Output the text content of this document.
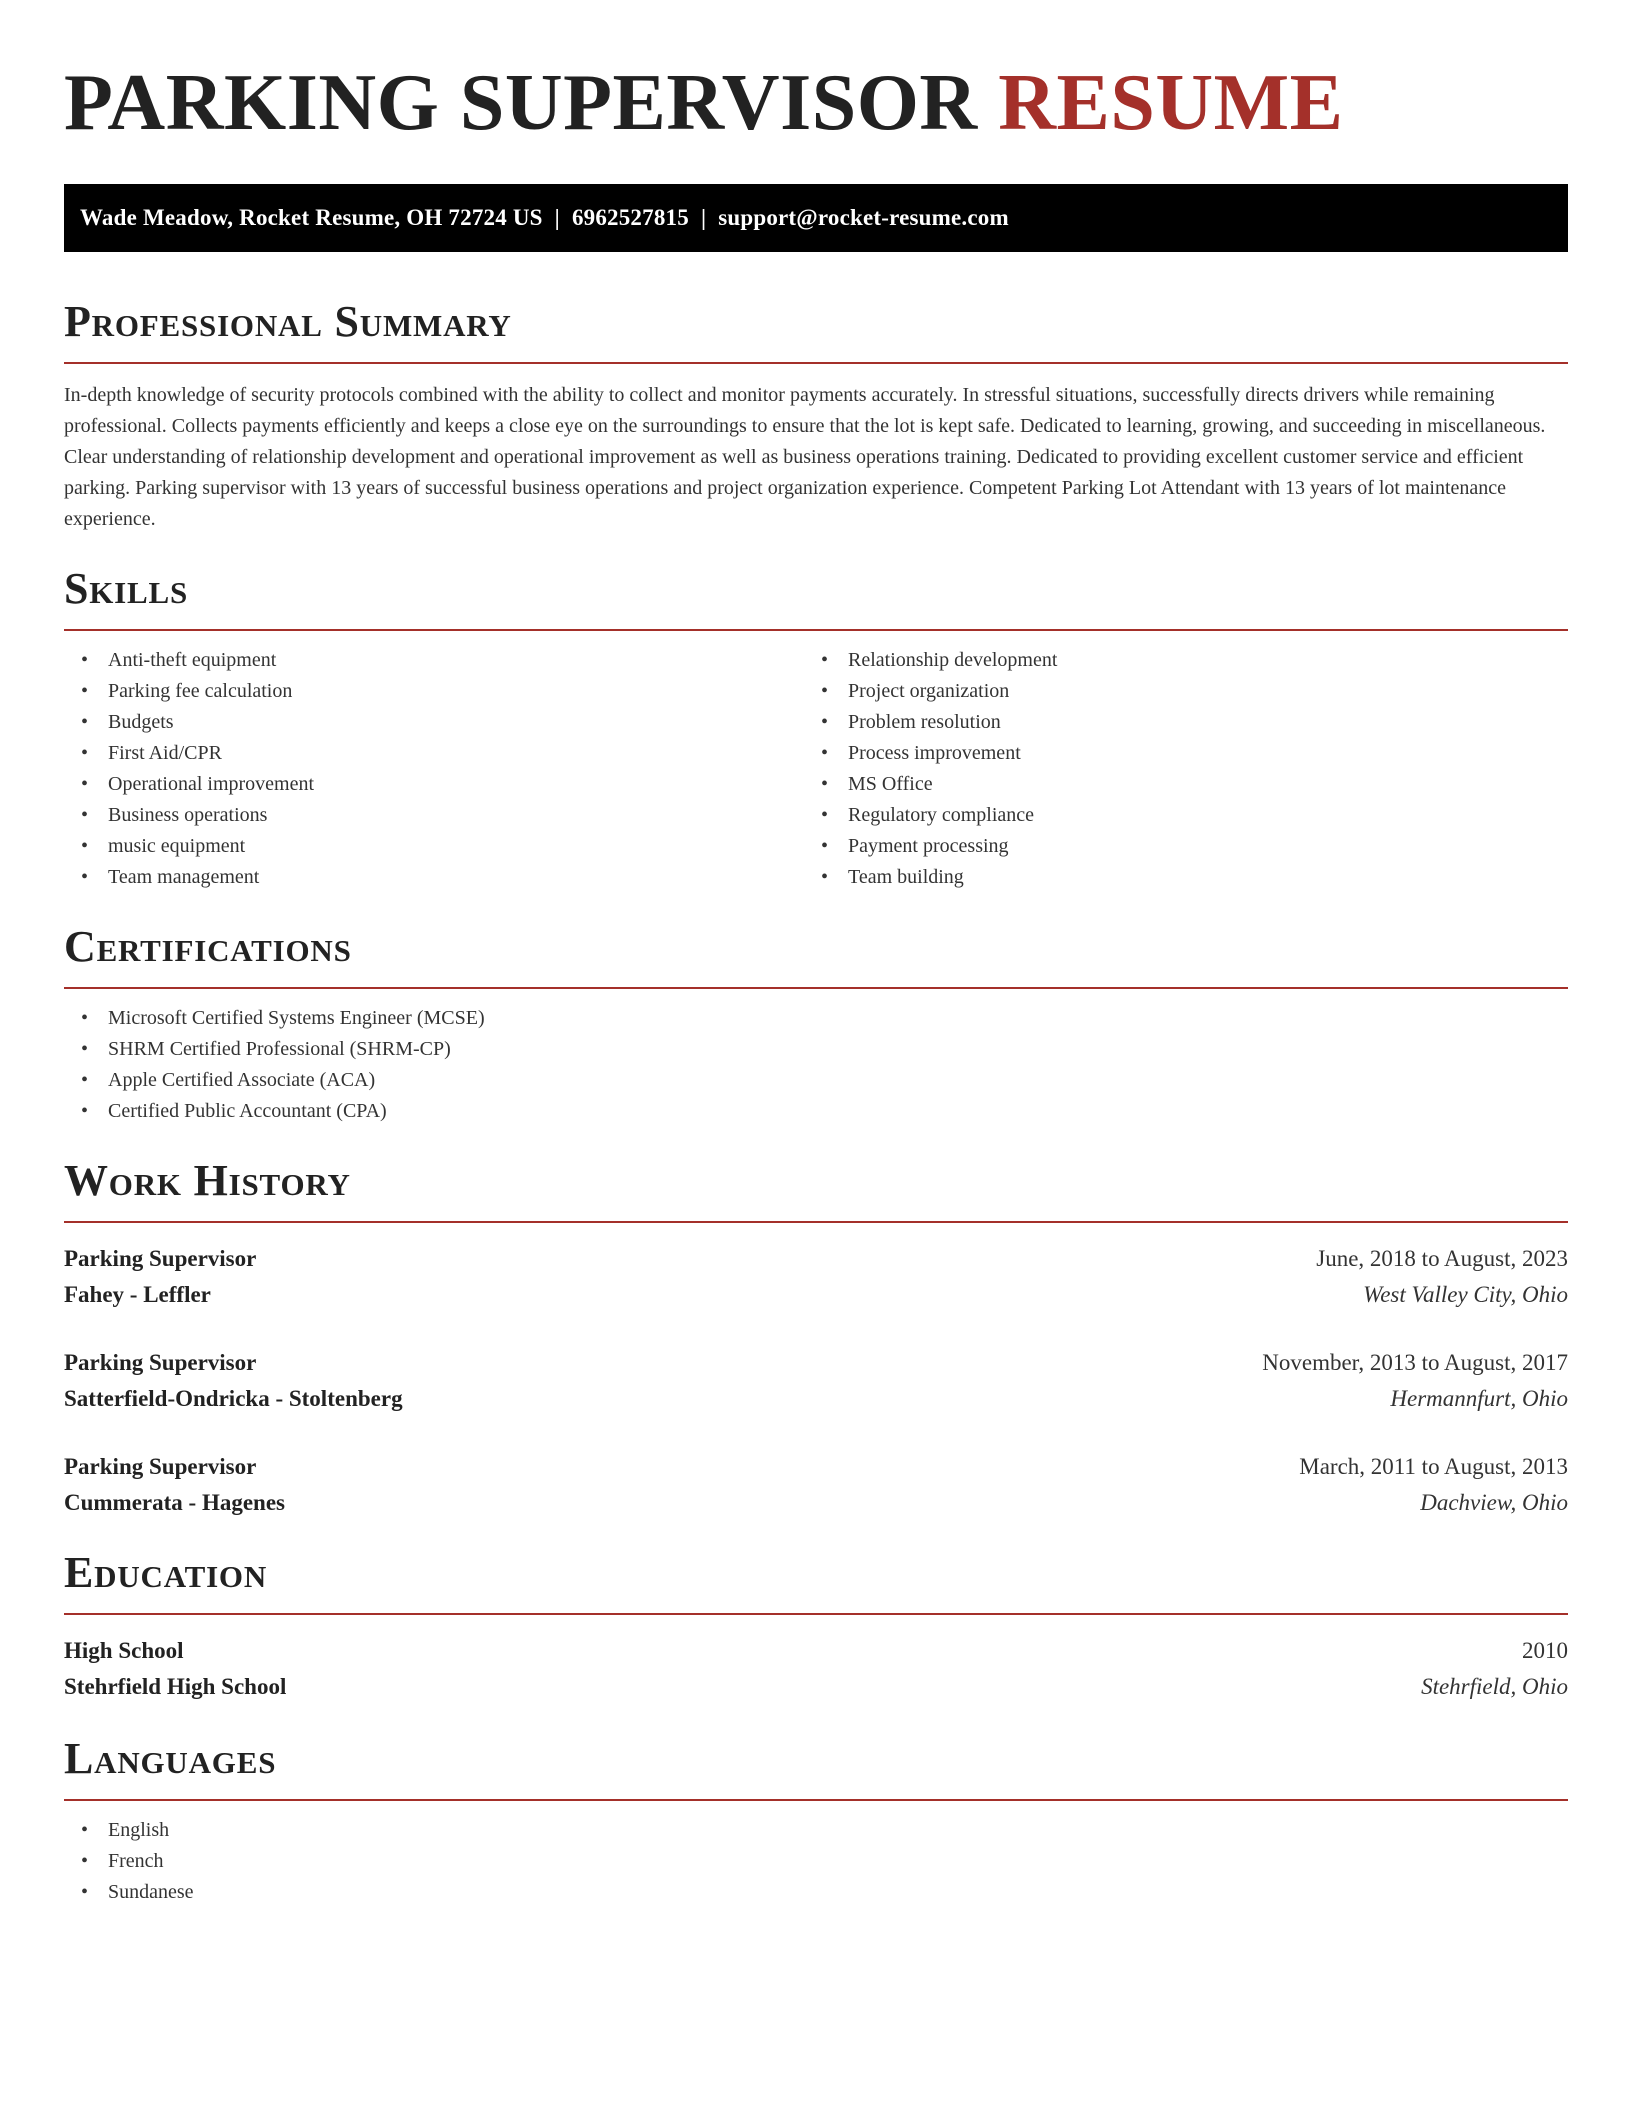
PARKING SUPERVISOR RESUME
Wade Meadow, Rocket Resume, OH 72724 US | 6962527815 | support@rocket-resume.com
Professional Summary

In-depth knowledge of security protocols combined with the ability to collect and monitor payments accurately. In stressful situations, successfully directs drivers while remaining professional. Collects payments efficiently and keeps a close eye on the surroundings to ensure that the lot is kept safe. Dedicated to learning, growing, and succeeding in miscellaneous. Clear understanding of relationship development and operational improvement as well as business operations training. Dedicated to providing excellent customer service and efficient parking. Parking supervisor with 13 years of successful business operations and project organization experience. Competent Parking Lot Attendant with 13 years of lot maintenance experience.

Skills
• Anti-theft equipment
• Parking fee calculation
• Budgets
• First Aid/CPR
• Operational improvement
• Business operations
• music equipment
• Team management
• Relationship development
• Project organization
• Problem resolution
• Process improvement
• MS Office
• Regulatory compliance
• Payment processing
• Team building
Certifications
• Microsoft Certified Systems Engineer (MCSE)
• SHRM Certified Professional (SHRM-CP)
• Apple Certified Associate (ACA)
• Certified Public Accountant (CPA)
Work History
Parking Supervisor	June, 2018 to August, 2023
Fahey - Leffler	West Valley City, Ohio
Parking Supervisor	November, 2013 to August, 2017
Satterfield-Ondricka - Stoltenberg	Hermannfurt, Ohio
Parking Supervisor	March, 2011 to August, 2013
Cummerata - Hagenes	Dachview, Ohio
Education
High School	2010
Stehrfield High School	Stehrfield, Ohio
Languages
• English
• French
• Sundanese
